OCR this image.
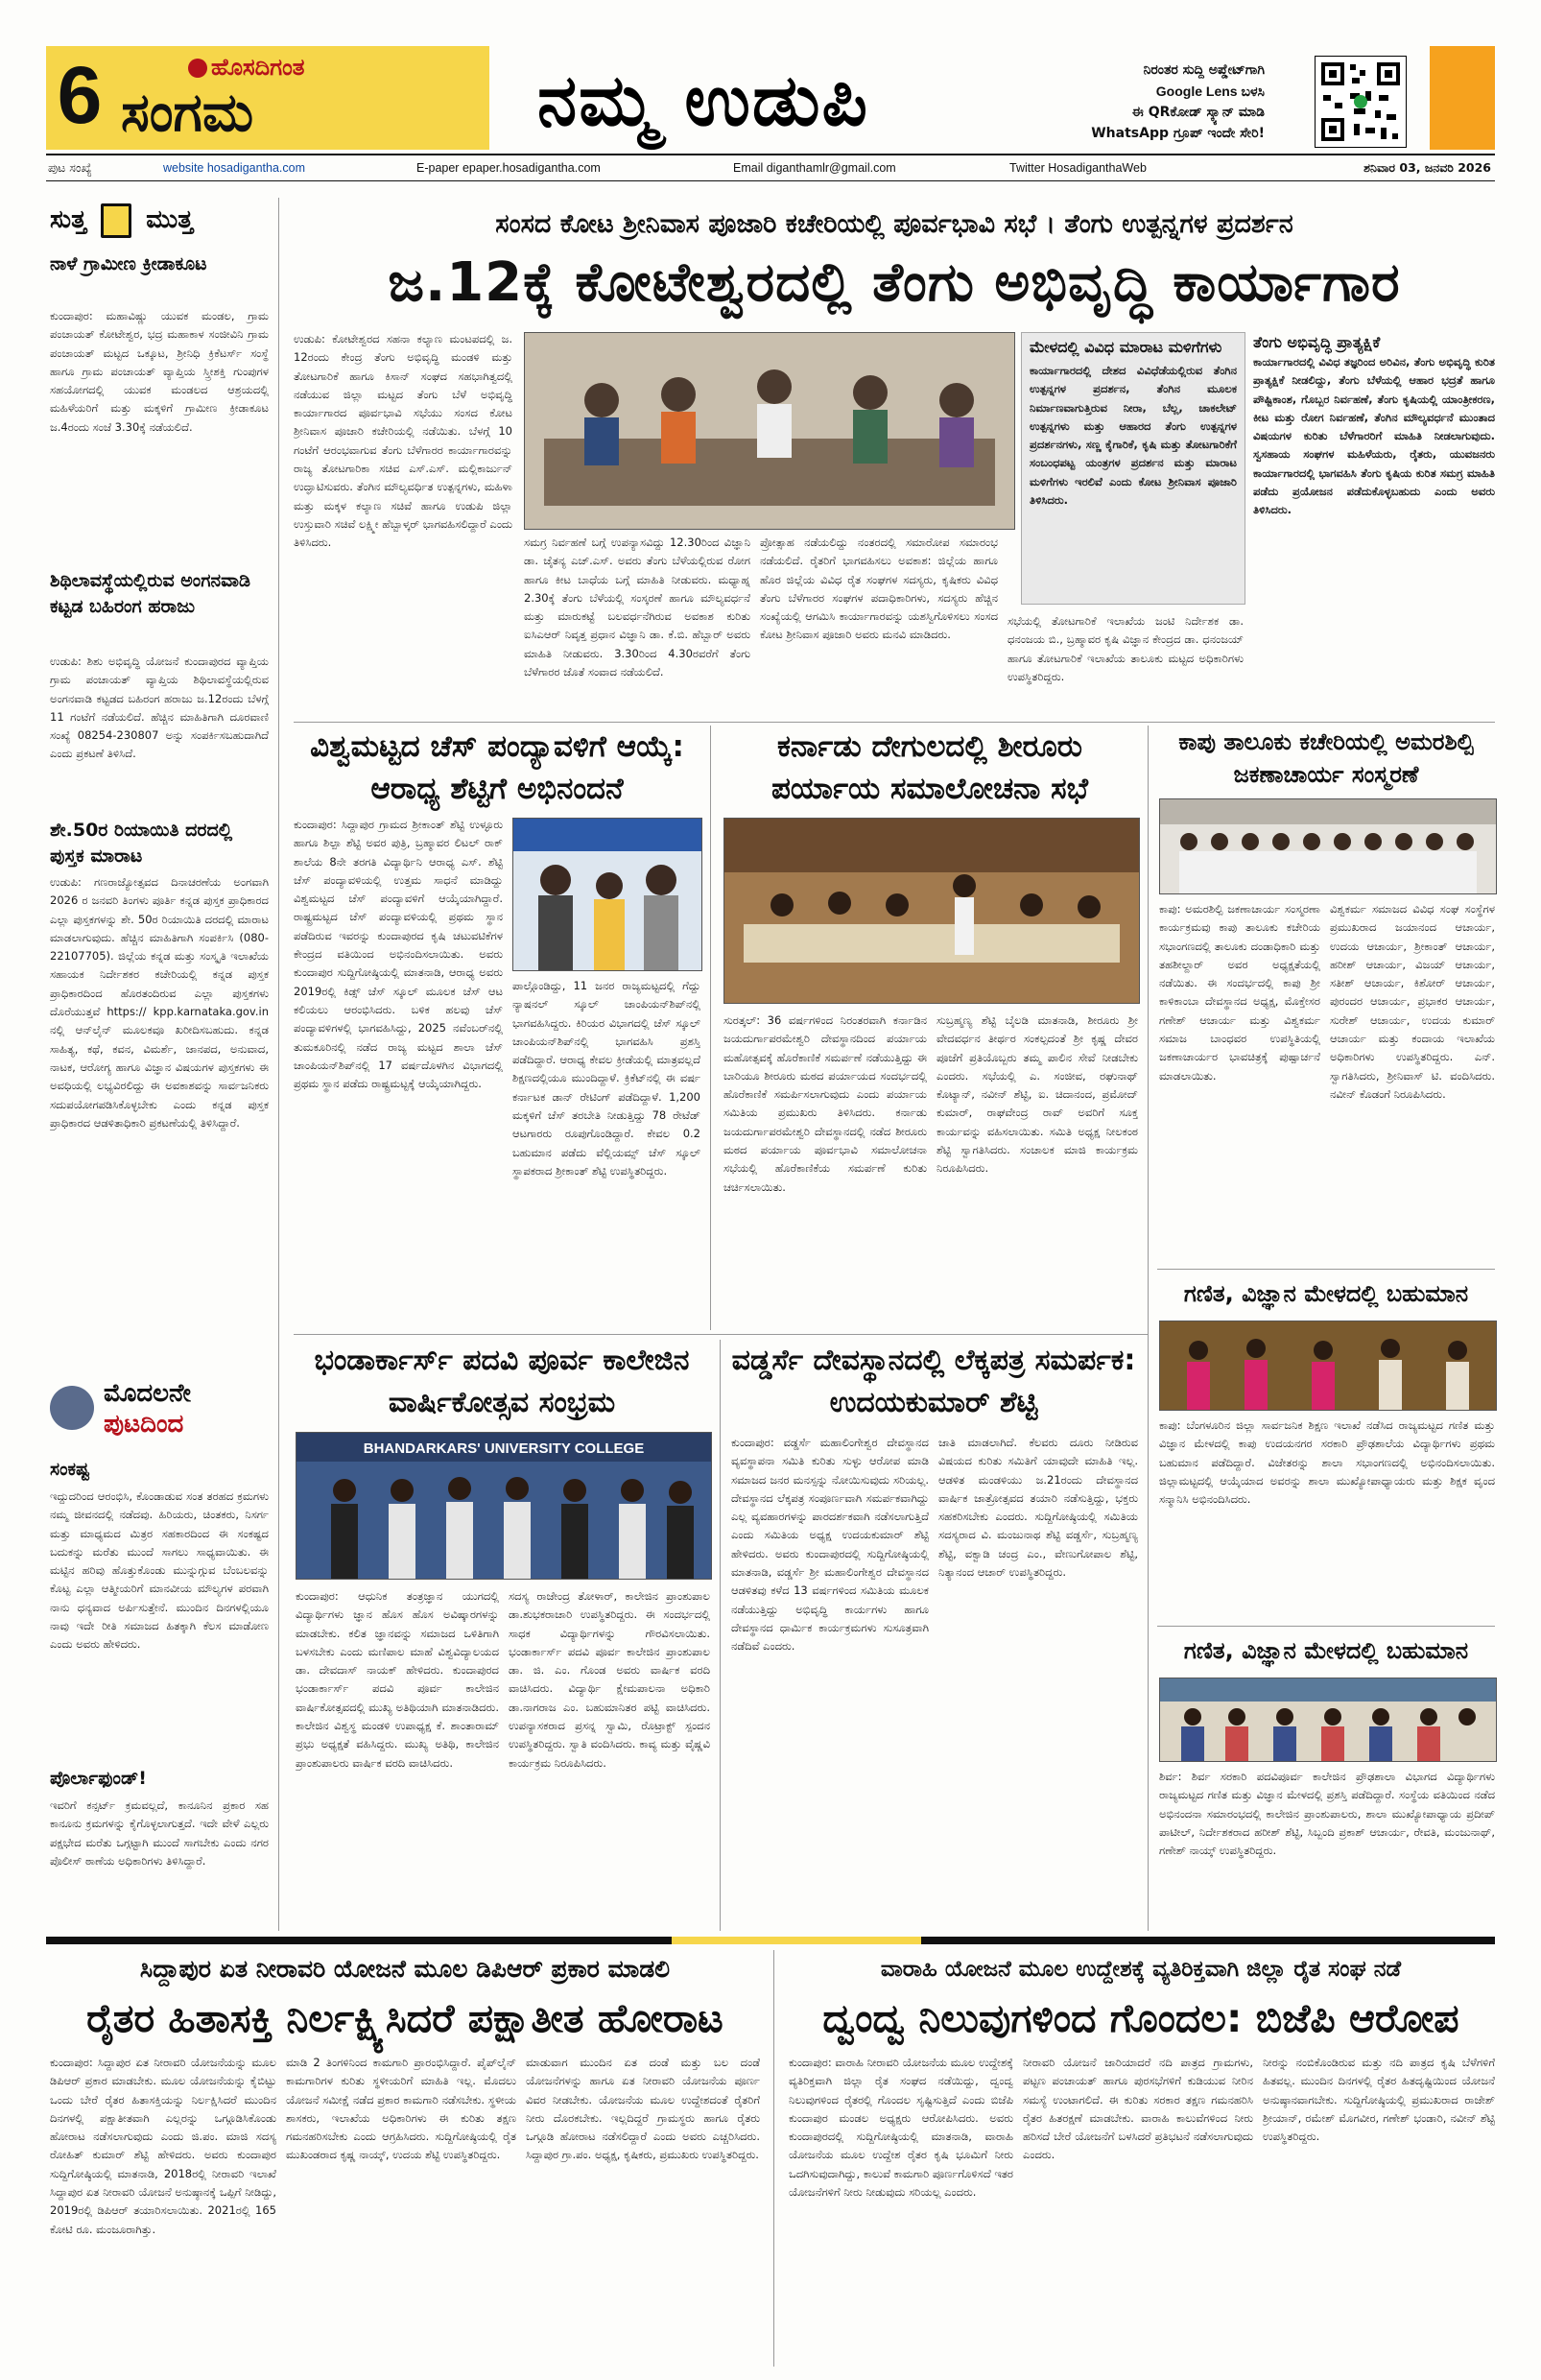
6	ಹೊಸದಿಗಂತ
ಸಂಗಮ	ನಮ್ಮ ಉಡುಪಿ	ನಿರಂತರ ಸುದ್ದಿ ಅಪ್ಡೇಟ್‌ಗಾಗಿ
Google Lens ಬಳಸಿ
ಈ QRಕೋಡ್ ಸ್ಕ್ಯಾನ್ ಮಾಡಿ
WhatsApp ಗ್ರೂಪ್ ಇಂದೇ ಸೇರಿ!
ಪುಟ ಸಂಖ್ಯೆ	website hosadigantha.com	E-paper epaper.hosadigantha.com	Email diganthamlr@gmail.com	Twitter HosadiganthaWeb	ಶನಿವಾರ 03, ಜನವರಿ 2026
ಸುತ್ತ ಮುತ್ತ
ನಾಳೆ ಗ್ರಾಮೀಣ ಕ್ರೀಡಾಕೂಟ
ಕುಂದಾಪುರ: ಮಹಾವಿಷ್ಣು ಯುವಕ ಮಂಡಲ, ಗ್ರಾಮ ಪಂಚಾಯತ್ ಕೋಟೇಶ್ವರ, ಭದ್ರ ಮಹಾಕಾಳ ಸಂಜೀವಿನಿ ಗ್ರಾಮ ಪಂಚಾಯತ್ ಮಟ್ಟದ ಒಕ್ಕೂಟ, ಶ್ರೀನಿಧಿ ಕ್ರಿಕೆಟರ್ಸ್ ಸಂಸ್ಥೆ ಹಾಗೂ ಗ್ರಾಮ ಪಂಚಾಯತ್ ವ್ಯಾಪ್ತಿಯ ಸ್ತ್ರೀಶಕ್ತಿ ಗುಂಪುಗಳ ಸಹಯೋಗದಲ್ಲಿ ಯುವಕ ಮಂಡಲದ ಆಶ್ರಯದಲ್ಲಿ ಮಹಿಳೆಯರಿಗೆ ಮತ್ತು ಮಕ್ಕಳಿಗೆ ಗ್ರಾಮೀಣ ಕ್ರೀಡಾಕೂಟ ಜ.4ರಂದು ಸಂಜೆ 3.30ಕ್ಕೆ ನಡೆಯಲಿದೆ.
ಶಿಥಿಲಾವಸ್ಥೆಯಲ್ಲಿರುವ ಅಂಗನವಾಡಿ ಕಟ್ಟಡ ಬಹಿರಂಗ ಹರಾಜು
ಉಡುಪಿ: ಶಿಶು ಅಭಿವೃದ್ಧಿ ಯೋಜನೆ ಕುಂದಾಪುರದ ವ್ಯಾಪ್ತಿಯ ಗ್ರಾಮ ಪಂಚಾಯತ್ ವ್ಯಾಪ್ತಿಯ ಶಿಥಿಲಾವಸ್ಥೆಯಲ್ಲಿರುವ ಅಂಗನವಾಡಿ ಕಟ್ಟಡದ ಬಹಿರಂಗ ಹರಾಜು ಜ.12ರಂದು ಬೆಳಗ್ಗೆ 11 ಗಂಟೆಗೆ ನಡೆಯಲಿದೆ. ಹೆಚ್ಚಿನ ಮಾಹಿತಿಗಾಗಿ ದೂರವಾಣಿ ಸಂಖ್ಯೆ 08254-230807 ಅನ್ನು ಸಂಪರ್ಕಿಸಬಹುದಾಗಿದೆ ಎಂದು ಪ್ರಕಟಣೆ ತಿಳಿಸಿದೆ.
ಶೇ.50ರ ರಿಯಾಯಿತಿ ದರದಲ್ಲಿ ಪುಸ್ತಕ ಮಾರಾಟ
ಉಡುಪಿ: ಗಣರಾಜ್ಯೋತ್ಸವದ ದಿನಾಚರಣೆಯ ಅಂಗವಾಗಿ 2026 ರ ಜನವರಿ ತಿಂಗಳು ಪೂರ್ತಿ ಕನ್ನಡ ಪುಸ್ತಕ ಪ್ರಾಧಿಕಾರದ ಎಲ್ಲಾ ಪುಸ್ತಕಗಳನ್ನು ಶೇ. 50ರ ರಿಯಾಯಿತಿ ದರದಲ್ಲಿ ಮಾರಾಟ ಮಾಡಲಾಗುವುದು. ಹೆಚ್ಚಿನ ಮಾಹಿತಿಗಾಗಿ ಸಂಪರ್ಕಿಸಿ (080-22107705). ಜಿಲ್ಲೆಯ ಕನ್ನಡ ಮತ್ತು ಸಂಸ್ಕೃತಿ ಇಲಾಖೆಯ ಸಹಾಯಕ ನಿರ್ದೇಶಕರ ಕಚೇರಿಯಲ್ಲಿ ಕನ್ನಡ ಪುಸ್ತಕ ಪ್ರಾಧಿಕಾರದಿಂದ ಹೊರತಂದಿರುವ ಎಲ್ಲಾ ಪುಸ್ತಕಗಳು ದೊರೆಯುತ್ತವೆ https:// kpp.karnataka.gov.in ನಲ್ಲಿ ಆನ್‌ಲೈನ್ ಮೂಲಕವೂ ಖರೀದಿಸಬಹುದು. ಕನ್ನಡ ಸಾಹಿತ್ಯ, ಕಥೆ, ಕವನ, ವಿಮರ್ಶೆ, ಜಾನಪದ, ಅನುವಾದ, ನಾಟಕ, ಆರೋಗ್ಯ ಹಾಗೂ ವಿಜ್ಞಾನ ವಿಷಯಗಳ ಪುಸ್ತಕಗಳು ಈ ಅವಧಿಯಲ್ಲಿ ಲಭ್ಯವಿರಲಿದ್ದು ಈ ಅವಕಾಶವನ್ನು ಸಾರ್ವಜನಿಕರು ಸದುಪಯೋಗಪಡಿಸಿಕೊಳ್ಳಬೇಕು ಎಂದು ಕನ್ನಡ ಪುಸ್ತಕ ಪ್ರಾಧಿಕಾರದ ಆಡಳಿತಾಧಿಕಾರಿ ಪ್ರಕಟಣೆಯಲ್ಲಿ ತಿಳಿಸಿದ್ದಾರೆ.
ಮೊದಲನೇ
ಪುಟದಿಂದ
ಸಂಕಷ್ಟ
ಇದ್ದುದರಿಂದ ಆರಂಭಿಸಿ, ಕೊಂಡಾಡುವ ಸಂತ ತರಹದ ಕ್ರಮಗಳು ನಮ್ಮ ಜೀವನದಲ್ಲಿ ನಡೆದವು. ಹಿರಿಯರು, ಚಿಂತಕರು, ನಿಸರ್ಗ ಮತ್ತು ಮಾಧ್ಯಮದ ಮಿತ್ರರ ಸಹಕಾರದಿಂದ ಈ ಸಂಕಷ್ಟದ ಬದುಕನ್ನು ಮರೆತು ಮುಂದೆ ಸಾಗಲು ಸಾಧ್ಯವಾಯಿತು. ಈ ಮಟ್ಟಿನ ಹರಿವು ಹೊತ್ತುಕೊಂಡು ಮುನ್ನುಗ್ಗುವ ಬೆಂಬಲವನ್ನು ಕೊಟ್ಟ ಎಲ್ಲಾ ಆತ್ಮೀಯರಿಗೆ ಮಾನವೀಯ ಮೌಲ್ಯಗಳ ಪರವಾಗಿ ನಾನು ಧನ್ಯವಾದ ಅರ್ಪಿಸುತ್ತೇನೆ. ಮುಂದಿನ ದಿನಗಳಲ್ಲಿಯೂ ನಾವು ಇದೇ ರೀತಿ ಸಮಾಜದ ಹಿತಕ್ಕಾಗಿ ಕೆಲಸ ಮಾಡೋಣ ಎಂದು ಅವರು ಹೇಳಿದರು.
ಪೊರ್ಲಾಫುಂಡ್!
ಇವರಿಗೆ ಕನ್ಸರ್ಟ್ ಕ್ರಮವಲ್ಲದೆ, ಕಾನೂನಿನ ಪ್ರಕಾರ ಸಹ ಕಾನೂನು ಕ್ರಮಗಳನ್ನು ಕೈಗೊಳ್ಳಲಾಗುತ್ತದೆ. ಇದೇ ವೇಳೆ ಎಲ್ಲರು ಪಕ್ಷಭೇದ ಮರೆತು ಒಗ್ಗಟ್ಟಾಗಿ ಮುಂದೆ ಸಾಗಬೇಕು ಎಂದು ನಗರ ಪೊಲೀಸ್ ಠಾಣೆಯ ಅಧಿಕಾರಿಗಳು ತಿಳಿಸಿದ್ದಾರೆ.
ಸಂಸದ ಕೋಟ ಶ್ರೀನಿವಾಸ ಪೂಜಾರಿ ಕಚೇರಿಯಲ್ಲಿ ಪೂರ್ವಭಾವಿ ಸಭೆ । ತೆಂಗು ಉತ್ಪನ್ನಗಳ ಪ್ರದರ್ಶನ
ಜ.12ಕ್ಕೆ ಕೋಟೇಶ್ವರದಲ್ಲಿ ತೆಂಗು ಅಭಿವೃದ್ಧಿ ಕಾರ್ಯಾಗಾರ
ಉಡುಪಿ: ಕೋಟೇಶ್ವರದ ಸಹನಾ ಕಲ್ಯಾಣ ಮಂಟಪದಲ್ಲಿ ಜ. 12ರಂದು ಕೇಂದ್ರ ತೆಂಗು ಅಭಿವೃದ್ಧಿ ಮಂಡಳಿ ಮತ್ತು ತೋಟಗಾರಿಕೆ ಹಾಗೂ ಕಿಸಾನ್ ಸಂಘದ ಸಹಭಾಗಿತ್ವದಲ್ಲಿ ನಡೆಯುವ ಜಿಲ್ಲಾ ಮಟ್ಟದ ತೆಂಗು ಬೆಳೆ ಅಭಿವೃದ್ಧಿ ಕಾರ್ಯಾಗಾರದ ಪೂರ್ವಭಾವಿ ಸಭೆಯು ಸಂಸದ ಕೋಟ ಶ್ರೀನಿವಾಸ ಪೂಜಾರಿ ಕಚೇರಿಯಲ್ಲಿ ನಡೆಯಿತು. ಬೆಳಗ್ಗೆ 10 ಗಂಟೆಗೆ ಆರಂಭವಾಗುವ ತೆಂಗು ಬೆಳೆಗಾರರ ಕಾರ್ಯಾಗಾರವನ್ನು ರಾಜ್ಯ ತೋಟಗಾರಿಕಾ ಸಚಿವ ಎಸ್.ಎಸ್. ಮಲ್ಲಿಕಾರ್ಜುನ್ ಉದ್ಘಾಟಿಸುವರು. ತೆಂಗಿನ ಮೌಲ್ಯವರ್ಧಿತ ಉತ್ಪನ್ನಗಳು, ಮಹಿಳಾ ಮತ್ತು ಮಕ್ಕಳ ಕಲ್ಯಾಣ ಸಚಿವೆ ಹಾಗೂ ಉಡುಪಿ ಜಿಲ್ಲಾ ಉಸ್ತುವಾರಿ ಸಚಿವೆ ಲಕ್ಷ್ಮೀ ಹೆಬ್ಬಾಳ್ಕರ್ ಭಾಗವಹಿಸಲಿದ್ದಾರೆ ಎಂದು ತಿಳಿಸಿದರು.	ಸಮಗ್ರ ನಿರ್ವಹಣೆ ಬಗ್ಗೆ ಉಪನ್ಯಾಸವಿದ್ದು 12.30ರಿಂದ ವಿಜ್ಞಾನಿ ಡಾ. ಚೈತನ್ಯ ಎಚ್.ಎಸ್. ಅವರು ತೆಂಗು ಬೆಳೆಯಲ್ಲಿರುವ ರೋಗ ಹಾಗೂ ಕೀಟ ಬಾಧೆಯ ಬಗ್ಗೆ ಮಾಹಿತಿ ನೀಡುವರು. ಮಧ್ಯಾಹ್ನ 2.30ಕ್ಕೆ ತೆಂಗು ಬೆಳೆಯಲ್ಲಿ ಸಂಸ್ಕರಣೆ ಹಾಗೂ ಮೌಲ್ಯವರ್ಧನೆ ಮತ್ತು ಮಾರುಕಟ್ಟೆ ಬಲವರ್ಧನೆಗಿರುವ ಅವಕಾಶ ಕುರಿತು ಐಸಿಎಆರ್ ನಿವೃತ್ತ ಪ್ರಧಾನ ವಿಜ್ಞಾನಿ ಡಾ. ಕೆ.ಬಿ. ಹೆಬ್ಬಾರ್ ಅವರು ಮಾಹಿತಿ ನೀಡುವರು. 3.30ರಿಂದ 4.30ರವರೆಗೆ ತೆಂಗು ಬೆಳೆಗಾರರ ಜೊತೆ ಸಂವಾದ ನಡೆಯಲಿದೆ.
ಪ್ರೋತ್ಸಾಹ ನಡೆಯಲಿದ್ದು ನಂತರದಲ್ಲಿ ಸಮಾರೋಪ ಸಮಾರಂಭ ನಡೆಯಲಿದೆ. ರೈತರಿಗೆ ಭಾಗವಹಿಸಲು ಅವಕಾಶ: ಜಿಲ್ಲೆಯ ಹಾಗೂ ಹೊರ ಜಿಲ್ಲೆಯ ವಿವಿಧ ರೈತ ಸಂಘಗಳ ಸದಸ್ಯರು, ಕೃಷಿಕರು ವಿವಿಧ ತೆಂಗು ಬೆಳೆಗಾರರ ಸಂಘಗಳ ಪದಾಧಿಕಾರಿಗಳು, ಸದಸ್ಯರು ಹೆಚ್ಚಿನ ಸಂಖ್ಯೆಯಲ್ಲಿ ಆಗಮಿಸಿ ಕಾರ್ಯಾಗಾರವನ್ನು ಯಶಸ್ವಿಗೊಳಿಸಲು ಸಂಸದ ಕೋಟ ಶ್ರೀನಿವಾಸ ಪೂಜಾರಿ ಅವರು ಮನವಿ ಮಾಡಿದರು.
ಸಭೆಯಲ್ಲಿ ತೋಟಗಾರಿಕೆ ಇಲಾಖೆಯ ಜಂಟಿ ನಿರ್ದೇಶಕ ಡಾ. ಧನಂಜಯ ಬಿ., ಬ್ರಹ್ಮಾವರ ಕೃಷಿ ವಿಜ್ಞಾನ ಕೇಂದ್ರದ ಡಾ. ಧನಂಜಯ್ ಹಾಗೂ ತೋಟಗಾರಿಕೆ ಇಲಾಖೆಯ ತಾಲೂಕು ಮಟ್ಟದ ಅಧಿಕಾರಿಗಳು ಉಪಸ್ಥಿತರಿದ್ದರು.
ಮೇಳದಲ್ಲಿ ವಿವಿಧ ಮಾರಾಟ ಮಳಿಗೆಗಳು
ಕಾರ್ಯಾಗಾರದಲ್ಲಿ ದೇಶದ ವಿವಿಧೆಡೆಯಲ್ಲಿರುವ ತೆಂಗಿನ ಉತ್ಪನ್ನಗಳ ಪ್ರದರ್ಶನ, ತೆಂಗಿನ ಮೂಲಕ ನಿರ್ಮಾಣವಾಗುತ್ತಿರುವ ನೀರಾ, ಬೆಲ್ಲ, ಚಾಕಲೇಟ್ ಉತ್ಪನ್ನಗಳು ಮತ್ತು ಆಹಾರದ ತೆಂಗು ಉತ್ಪನ್ನಗಳ ಪ್ರದರ್ಶನಗಳು, ಸಣ್ಣ ಕೈಗಾರಿಕೆ, ಕೃಷಿ ಮತ್ತು ತೋಟಗಾರಿಕೆಗೆ ಸಂಬಂಧಪಟ್ಟ ಯಂತ್ರಗಳ ಪ್ರದರ್ಶನ ಮತ್ತು ಮಾರಾಟ ಮಳಿಗೆಗಳು ಇರಲಿವೆ ಎಂದು ಕೋಟ ಶ್ರೀನಿವಾಸ ಪೂಜಾರಿ ತಿಳಿಸಿದರು.
ತೆಂಗು ಅಭಿವೃದ್ಧಿ ಪ್ರಾತ್ಯಕ್ಷಿಕೆ
ಕಾರ್ಯಾಗಾರದಲ್ಲಿ ವಿವಿಧ ತಜ್ಞರಿಂದ ಅರಿವಿನ, ತೆಂಗು ಅಭಿವೃದ್ಧಿ ಕುರಿತ ಪ್ರಾತ್ಯಕ್ಷಿಕೆ ನೀಡಲಿದ್ದು, ತೆಂಗು ಬೆಳೆಯಲ್ಲಿ ಆಹಾರ ಭದ್ರತೆ ಹಾಗೂ ಪೌಷ್ಟಿಕಾಂಶ, ಗೊಬ್ಬರ ನಿರ್ವಹಣೆ, ತೆಂಗು ಕೃಷಿಯಲ್ಲಿ ಯಾಂತ್ರೀಕರಣ, ಕೀಟ ಮತ್ತು ರೋಗ ನಿರ್ವಹಣೆ, ತೆಂಗಿನ ಮೌಲ್ಯವರ್ಧನೆ ಮುಂತಾದ ವಿಷಯಗಳ ಕುರಿತು ಬೆಳೆಗಾರರಿಗೆ ಮಾಹಿತಿ ನೀಡಲಾಗುವುದು. ಸ್ವಸಹಾಯ ಸಂಘಗಳ ಮಹಿಳೆಯರು, ರೈತರು, ಯುವಜನರು ಕಾರ್ಯಾಗಾರದಲ್ಲಿ ಭಾಗವಹಿಸಿ ತೆಂಗು ಕೃಷಿಯ ಕುರಿತ ಸಮಗ್ರ ಮಾಹಿತಿ ಪಡೆದು ಪ್ರಯೋಜನ ಪಡೆದುಕೊಳ್ಳಬಹುದು ಎಂದು ಅವರು ತಿಳಿಸಿದರು.
ವಿಶ್ವಮಟ್ಟದ ಚೆಸ್ ಪಂದ್ಯಾವಳಿಗೆ ಆಯ್ಕೆ: ಆರಾಧ್ಯ ಶೆಟ್ಟಿಗೆ ಅಭಿನಂದನೆ
ಕುಂದಾಪುರ: ಸಿದ್ದಾಪುರ ಗ್ರಾಮದ ಶ್ರೀಕಾಂತ್ ಶೆಟ್ಟಿ ಉಳ್ಳೂರು ಹಾಗೂ ಶಿಲ್ಪಾ ಶೆಟ್ಟಿ ಅವರ ಪುತ್ರಿ, ಬ್ರಹ್ಮಾವರ ಲಿಟಲ್ ರಾಕ್ ಶಾಲೆಯ 8ನೇ ತರಗತಿ ವಿದ್ಯಾರ್ಥಿನಿ ಆರಾಧ್ಯ ಎಸ್. ಶೆಟ್ಟಿ ಚೆಸ್ ಪಂದ್ಯಾವಳಿಯಲ್ಲಿ ಉತ್ತಮ ಸಾಧನೆ ಮಾಡಿದ್ದು ವಿಶ್ವಮಟ್ಟದ ಚೆಸ್ ಪಂದ್ಯಾವಳಿಗೆ ಆಯ್ಕೆಯಾಗಿದ್ದಾರೆ. ರಾಷ್ಟ್ರಮಟ್ಟದ ಚೆಸ್ ಪಂದ್ಯಾವಳಿಯಲ್ಲಿ ಪ್ರಥಮ ಸ್ಥಾನ ಪಡೆದಿರುವ ಇವರನ್ನು ಕುಂದಾಪುರದ ಕೃಷಿ ಚಟುವಟಿಕೆಗಳ ಕೇಂದ್ರದ ವತಿಯಿಂದ ಅಭಿನಂದಿಸಲಾಯಿತು. ಅವರು ಕುಂದಾಪುರ ಸುದ್ದಿಗೋಷ್ಠಿಯಲ್ಲಿ ಮಾತನಾಡಿ, ಆರಾಧ್ಯ ಅವರು 2019ರಲ್ಲಿ ಕಿಡ್ಸ್ ಚೆಸ್ ಸ್ಕೂಲ್ ಮೂಲಕ ಚೆಸ್ ಆಟ ಕಲಿಯಲು ಆರಂಭಿಸಿದರು. ಬಳಿಕ ಹಲವು ಚೆಸ್ ಪಂದ್ಯಾವಳಿಗಳಲ್ಲಿ ಭಾಗವಹಿಸಿದ್ದು, 2025 ನವೆಂಬರ್‌ನಲ್ಲಿ ತುಮಕೂರಿನಲ್ಲಿ ನಡೆದ ರಾಜ್ಯ ಮಟ್ಟದ ಶಾಲಾ ಚೆಸ್ ಚಾಂಪಿಯನ್‌ಶಿಪ್‌ನಲ್ಲಿ 17 ವರ್ಷದೊಳಗಿನ ವಿಭಾಗದಲ್ಲಿ ಪ್ರಥಮ ಸ್ಥಾನ ಪಡೆದು ರಾಷ್ಟ್ರಮಟ್ಟಕ್ಕೆ ಆಯ್ಕೆಯಾಗಿದ್ದರು.
ಪಾಲ್ಗೊಂಡಿದ್ದು, 11 ಜನರ ರಾಜ್ಯಮಟ್ಟದಲ್ಲಿ ಗೆದ್ದು ನ್ಯಾಷನಲ್ ಸ್ಕೂಲ್ ಚಾಂಪಿಯನ್‌ಶಿಪ್‌ನಲ್ಲಿ ಭಾಗವಹಿಸಿದ್ದರು. ಕಿರಿಯರ ವಿಭಾಗದಲ್ಲಿ ಚೆಸ್ ಸ್ಕೂಲ್ ಚಾಂಪಿಯನ್‌ಶಿಪ್‌ನಲ್ಲಿ ಭಾಗವಹಿಸಿ ಪ್ರಶಸ್ತಿ ಪಡೆದಿದ್ದಾರೆ. ಆರಾಧ್ಯ ಕೇವಲ ಕ್ರೀಡೆಯಲ್ಲಿ ಮಾತ್ರವಲ್ಲದೆ ಶಿಕ್ಷಣದಲ್ಲಿಯೂ ಮುಂದಿದ್ದಾಳೆ. ಕ್ರಿಕೆಟ್‌ನಲ್ಲಿ ಈ ವರ್ಷ ಕರ್ನಾಟಕ ಡಾನ್ ರೇಟಿಂಗ್ ಪಡೆದಿದ್ದಾಳೆ. 1,200 ಮಕ್ಕಳಿಗೆ ಚೆಸ್ ತರಬೇತಿ ನೀಡುತ್ತಿದ್ದು 78 ರೇಟೆಡ್ ಆಟಗಾರರು ರೂಪುಗೊಂಡಿದ್ದಾರೆ. ಕೇವಲ 0.2 ಬಹುಮಾನ ಪಡೆದು ವೆಲ್ಲಿಯಮ್ಸ್ ಚೆಸ್ ಸ್ಕೂಲ್ ಸ್ಥಾಪಕರಾದ ಶ್ರೀಕಾಂತ್ ಶೆಟ್ಟಿ ಉಪಸ್ಥಿತರಿದ್ದರು.
ಕರ್ನಾಡು ದೇಗುಲದಲ್ಲಿ ಶೀರೂರು ಪರ್ಯಾಯ ಸಮಾಲೋಚನಾ ಸಭೆ
ಸುರತ್ಕಲ್: 36 ವರ್ಷಗಳಿಂದ ನಿರಂತರವಾಗಿ ಕರ್ನಾಡಿನ ಜಯದುರ್ಗಾಪರಮೇಶ್ವರಿ ದೇವಸ್ಥಾನದಿಂದ ಪರ್ಯಾಯ ಮಹೋತ್ಸವಕ್ಕೆ ಹೊರೆಕಾಣಿಕೆ ಸಮರ್ಪಣೆ ನಡೆಯುತ್ತಿದ್ದು ಈ ಬಾರಿಯೂ ಶೀರೂರು ಮಠದ ಪರ್ಯಾಯದ ಸಂದರ್ಭದಲ್ಲಿ ಹೊರೆಕಾಣಿಕೆ ಸಮರ್ಪಿಸಲಾಗುವುದು ಎಂದು ಪರ್ಯಾಯ ಸಮಿತಿಯ ಪ್ರಮುಖರು ತಿಳಿಸಿದರು. ಕರ್ನಾಡು ಜಯದುರ್ಗಾಪರಮೇಶ್ವರಿ ದೇವಸ್ಥಾನದಲ್ಲಿ ನಡೆದ ಶೀರೂರು ಮಠದ ಪರ್ಯಾಯ ಪೂರ್ವಭಾವಿ ಸಮಾಲೋಚನಾ ಸಭೆಯಲ್ಲಿ ಹೊರೆಕಾಣಿಕೆಯ ಸಮರ್ಪಣೆ ಕುರಿತು ಚರ್ಚಿಸಲಾಯಿತು.
ಸುಬ್ರಹ್ಮಣ್ಯ ಶೆಟ್ಟಿ ಬೈಲಡಿ ಮಾತನಾಡಿ, ಶೀರೂರು ಶ್ರೀ ವೇದವರ್ಧನ ತೀರ್ಥರ ಸಂಕಲ್ಪದಂತೆ ಶ್ರೀ ಕೃಷ್ಣ ದೇವರ ಪೂಜೆಗೆ ಪ್ರತಿಯೊಬ್ಬರು ತಮ್ಮ ಪಾಲಿನ ಸೇವೆ ನೀಡಬೇಕು ಎಂದರು. ಸಭೆಯಲ್ಲಿ ಎ. ಸಂಜೀವ, ರಘುನಾಥ್ ಕೊಟ್ಯಾನ್, ನವೀನ್ ಶೆಟ್ಟಿ, ಐ. ಚಿದಾನಂದ, ಪ್ರಮೋದ್ ಕುಮಾರ್, ರಾಘವೇಂದ್ರ ರಾವ್ ಅವರಿಗೆ ಸೂಕ್ತ ಕಾರ್ಯವನ್ನು ವಹಿಸಲಾಯಿತು. ಸಮಿತಿ ಅಧ್ಯಕ್ಷ ನೀಲಕಂಠ ಶೆಟ್ಟಿ ಸ್ವಾಗತಿಸಿದರು. ಸಂಚಾಲಕ ಮಾಜಿ ಕಾರ್ಯಕ್ರಮ ನಿರೂಪಿಸಿದರು.
ಕಾಪು ತಾಲೂಕು ಕಚೇರಿಯಲ್ಲಿ ಅಮರಶಿಲ್ಪಿ ಜಕಣಾಚಾರ್ಯ ಸಂಸ್ಮರಣೆ
ಕಾಪು: ಅಮರಶಿಲ್ಪಿ ಜಕಣಾಚಾರ್ಯ ಸಂಸ್ಮರಣಾ ಕಾರ್ಯಕ್ರಮವು ಕಾಪು ತಾಲೂಕು ಕಚೇರಿಯ ಸಭಾಂಗಣದಲ್ಲಿ ತಾಲೂಕು ದಂಡಾಧಿಕಾರಿ ಮತ್ತು ತಹಶೀಲ್ದಾರ್ ಅವರ ಅಧ್ಯಕ್ಷತೆಯಲ್ಲಿ ನಡೆಯಿತು. ಈ ಸಂದರ್ಭದಲ್ಲಿ ಕಾಪು ಶ್ರೀ ಕಾಳಿಕಾಂಬಾ ದೇವಸ್ಥಾನದ ಅಧ್ಯಕ್ಷ, ಮೊಕ್ತೇಸರ ಗಣೇಶ್ ಆಚಾರ್ಯ ಮತ್ತು ವಿಶ್ವಕರ್ಮ ಸಮಾಜ ಬಾಂಧವರ ಉಪಸ್ಥಿತಿಯಲ್ಲಿ ಜಕಣಾಚಾರ್ಯರ ಭಾವಚಿತ್ರಕ್ಕೆ ಪುಷ್ಪಾರ್ಚನೆ ಮಾಡಲಾಯಿತು.
ವಿಶ್ವಕರ್ಮ ಸಮಾಜದ ವಿವಿಧ ಸಂಘ ಸಂಸ್ಥೆಗಳ ಪ್ರಮುಖರಾದ ಜಯಾನಂದ ಆಚಾರ್ಯ, ಉದಯ ಆಚಾರ್ಯ, ಶ್ರೀಕಾಂತ್ ಆಚಾರ್ಯ, ಹರೀಶ್ ಆಚಾರ್ಯ, ವಿಜಯ್ ಆಚಾರ್ಯ, ಸತೀಶ್ ಆಚಾರ್ಯ, ಕಿಶೋರ್ ಆಚಾರ್ಯ, ಪುರಂದರ ಆಚಾರ್ಯ, ಪ್ರಭಾಕರ ಆಚಾರ್ಯ, ಸುರೇಶ್ ಆಚಾರ್ಯ, ಉದಯ ಕುಮಾರ್ ಆಚಾರ್ಯ ಮತ್ತು ಕಂದಾಯ ಇಲಾಖೆಯ ಅಧಿಕಾರಿಗಳು ಉಪಸ್ಥಿತರಿದ್ದರು. ಎನ್. ಸ್ವಾಗತಿಸಿದರು, ಶ್ರೀನಿವಾಸ್ ಟಿ. ವಂದಿಸಿದರು. ನವೀನ್ ಕೊಡಂಗೆ ನಿರೂಪಿಸಿದರು.
ಗಣಿತ, ವಿಜ್ಞಾನ ಮೇಳದಲ್ಲಿ ಬಹುಮಾನ
ಕಾಪು: ಬೆಂಗಳೂರಿನ ಜಿಲ್ಲಾ ಸಾರ್ವಜನಿಕ ಶಿಕ್ಷಣ ಇಲಾಖೆ ನಡೆಸಿದ ರಾಜ್ಯಮಟ್ಟದ ಗಣಿತ ಮತ್ತು ವಿಜ್ಞಾನ ಮೇಳದಲ್ಲಿ ಕಾಪು ಉದಯನಗರ ಸರಕಾರಿ ಪ್ರೌಢಶಾಲೆಯ ವಿದ್ಯಾರ್ಥಿಗಳು ಪ್ರಥಮ ಬಹುಮಾನ ಪಡೆದಿದ್ದಾರೆ. ವಿಜೇತರನ್ನು ಶಾಲಾ ಸಭಾಂಗಣದಲ್ಲಿ ಅಭಿನಂದಿಸಲಾಯಿತು. ಜಿಲ್ಲಾಮಟ್ಟದಲ್ಲಿ ಆಯ್ಕೆಯಾದ ಅವರನ್ನು ಶಾಲಾ ಮುಖ್ಯೋಪಾಧ್ಯಾಯರು ಮತ್ತು ಶಿಕ್ಷಕ ವೃಂದ ಸನ್ಮಾನಿಸಿ ಅಭಿನಂದಿಸಿದರು.
ಗಣಿತ, ವಿಜ್ಞಾನ ಮೇಳದಲ್ಲಿ ಬಹುಮಾನ
ಶಿರ್ವ: ಶಿರ್ವ ಸರಕಾರಿ ಪದವಿಪೂರ್ವ ಕಾಲೇಜಿನ ಪ್ರೌಢಶಾಲಾ ವಿಭಾಗದ ವಿದ್ಯಾರ್ಥಿಗಳು ರಾಜ್ಯಮಟ್ಟದ ಗಣಿತ ಮತ್ತು ವಿಜ್ಞಾನ ಮೇಳದಲ್ಲಿ ಪ್ರಶಸ್ತಿ ಪಡೆದಿದ್ದಾರೆ. ಸಂಸ್ಥೆಯ ವತಿಯಿಂದ ನಡೆದ ಅಭಿನಂದನಾ ಸಮಾರಂಭದಲ್ಲಿ ಕಾಲೇಜಿನ ಪ್ರಾಂಶುಪಾಲರು, ಶಾಲಾ ಮುಖ್ಯೋಪಾಧ್ಯಾಯ ಪ್ರದೀಪ್ ಪಾಟೀಲ್, ನಿರ್ದೇಶಕರಾದ ಹರೀಶ್ ಶೆಟ್ಟಿ, ಸಿಬ್ಬಂದಿ ಪ್ರಕಾಶ್ ಆಚಾರ್ಯ, ರೇವತಿ, ಮಂಜುನಾಥ್, ಗಣೇಶ್ ನಾಯ್ಕ್ ಉಪಸ್ಥಿತರಿದ್ದರು.
ಭಂಡಾರ್ಕಾರ್ಸ್ ಪದವಿ ಪೂರ್ವ ಕಾಲೇಜಿನ ವಾರ್ಷಿಕೋತ್ಸವ ಸಂಭ್ರಮ
BHANDARKARS' UNIVERSITY COLLEGE
ಕುಂದಾಪುರ: ಆಧುನಿಕ ತಂತ್ರಜ್ಞಾನ ಯುಗದಲ್ಲಿ ವಿದ್ಯಾರ್ಥಿಗಳು ಜ್ಞಾನ ಹೊಸ ಹೊಸ ಅವಿಷ್ಕಾರಗಳನ್ನು ಮಾಡಬೇಕು. ಕಲಿತ ಜ್ಞಾನವನ್ನು ಸಮಾಜದ ಒಳಿತಿಗಾಗಿ ಬಳಸಬೇಕು ಎಂದು ಮಣಿಪಾಲ ಮಾಹೆ ವಿಶ್ವವಿದ್ಯಾಲಯದ ಡಾ. ದೇವದಾಸ್ ನಾಯಕ್ ಹೇಳಿದರು. ಕುಂದಾಪುರದ ಭಂಡಾರ್ಕಾರ್ಸ್ ಪದವಿ ಪೂರ್ವ ಕಾಲೇಜಿನ ವಾರ್ಷಿಕೋತ್ಸವದಲ್ಲಿ ಮುಖ್ಯ ಅತಿಥಿಯಾಗಿ ಮಾತನಾಡಿದರು. ಕಾಲೇಜಿನ ವಿಶ್ವಸ್ಥ ಮಂಡಳಿ ಉಪಾಧ್ಯಕ್ಷ ಕೆ. ಶಾಂತಾರಾಮ್ ಪ್ರಭು ಅಧ್ಯಕ್ಷತೆ ವಹಿಸಿದ್ದರು. ಮುಖ್ಯ ಅತಿಥಿ, ಕಾಲೇಜಿನ ಪ್ರಾಂಶುಪಾಲರು ವಾರ್ಷಿಕ ವರದಿ ವಾಚಿಸಿದರು.
ಸದಸ್ಯ ರಾಜೇಂದ್ರ ತೋಳಾರ್, ಕಾಲೇಜಿನ ಪ್ರಾಂಶುಪಾಲ ಡಾ.ಶುಭಕರಾಚಾರಿ ಉಪಸ್ಥಿತರಿದ್ದರು. ಈ ಸಂದರ್ಭದಲ್ಲಿ ಸಾಧಕ ವಿದ್ಯಾರ್ಥಿಗಳನ್ನು ಗೌರವಿಸಲಾಯಿತು. ಭಂಡಾರ್ಕಾರ್ಸ್ ಪದವಿ ಪೂರ್ವ ಕಾಲೇಜಿನ ಪ್ರಾಂಶುಪಾಲ ಡಾ. ಜಿ. ಎಂ. ಗೊಂಡ ಅವರು ವಾರ್ಷಿಕ ವರದಿ ವಾಚಿಸಿದರು. ವಿದ್ಯಾರ್ಥಿ ಕ್ಷೇಮಪಾಲನಾ ಅಧಿಕಾರಿ ಡಾ.ನಾಗರಾಜ ಎಂ. ಬಹುಮಾನಿತರ ಪಟ್ಟಿ ವಾಚಿಸಿದರು. ಉಪನ್ಯಾಸಕರಾದ ಪ್ರಸನ್ನ ಸ್ವಾಮಿ, ರೊಟ್ರಾಕ್ಟ್ ಸ್ಪಂದನ ಉಪಸ್ಥಿತರಿದ್ದರು. ಸ್ವಾತಿ ವಂದಿಸಿದರು. ಕಾವ್ಯ ಮತ್ತು ವೈಷ್ಣವಿ ಕಾರ್ಯಕ್ರಮ ನಿರೂಪಿಸಿದರು.
ವಡ್ಡರ್ಸೆ ದೇವಸ್ಥಾನದಲ್ಲಿ ಲೆಕ್ಕಪತ್ರ ಸಮರ್ಪಕ: ಉದಯಕುಮಾರ್ ಶೆಟ್ಟಿ
ಕುಂದಾಪುರ: ವಡ್ಡರ್ಸೆ ಮಹಾಲಿಂಗೇಶ್ವರ ದೇವಸ್ಥಾನದ ವ್ಯವಸ್ಥಾಪನಾ ಸಮಿತಿ ಕುರಿತು ಸುಳ್ಳು ಆರೋಪ ಮಾಡಿ ಸಮಾಜದ ಜನರ ಮನಸ್ಸನ್ನು ನೋಯಿಸುವುದು ಸರಿಯಲ್ಲ. ದೇವಸ್ಥಾನದ ಲೆಕ್ಕಪತ್ರ ಸಂಪೂರ್ಣವಾಗಿ ಸಮರ್ಪಕವಾಗಿದ್ದು ಎಲ್ಲ ವ್ಯವಹಾರಗಳನ್ನು ಪಾರದರ್ಶಕವಾಗಿ ನಡೆಸಲಾಗುತ್ತಿದೆ ಎಂದು ಸಮಿತಿಯ ಅಧ್ಯಕ್ಷ ಉದಯಕುಮಾರ್ ಶೆಟ್ಟಿ ಹೇಳಿದರು. ಅವರು ಕುಂದಾಪುರದಲ್ಲಿ ಸುದ್ದಿಗೋಷ್ಠಿಯಲ್ಲಿ ಮಾತನಾಡಿ, ವಡ್ಡರ್ಸೆ ಶ್ರೀ ಮಹಾಲಿಂಗೇಶ್ವರ ದೇವಸ್ಥಾನದ ಆಡಳಿತವು ಕಳೆದ 13 ವರ್ಷಗಳಿಂದ ಸಮಿತಿಯ ಮೂಲಕ ನಡೆಯುತ್ತಿದ್ದು ಅಭಿವೃದ್ಧಿ ಕಾರ್ಯಗಳು ಹಾಗೂ ದೇವಸ್ಥಾನದ ಧಾರ್ಮಿಕ ಕಾರ್ಯಕ್ರಮಗಳು ಸುಸೂತ್ರವಾಗಿ ನಡೆದಿವೆ ಎಂದರು.
ಜಾತಿ ಮಾಡಲಾಗಿದೆ. ಕೆಲವರು ದೂರು ನೀಡಿರುವ ವಿಷಯದ ಕುರಿತು ಸಮಿತಿಗೆ ಯಾವುದೇ ಮಾಹಿತಿ ಇಲ್ಲ. ಆಡಳಿತ ಮಂಡಳಿಯು ಜ.21ರಂದು ದೇವಸ್ಥಾನದ ವಾರ್ಷಿಕ ಜಾತ್ರೋತ್ಸವದ ತಯಾರಿ ನಡೆಸುತ್ತಿದ್ದು, ಭಕ್ತರು ಸಹಕರಿಸಬೇಕು ಎಂದರು. ಸುದ್ದಿಗೋಷ್ಠಿಯಲ್ಲಿ ಸಮಿತಿಯ ಸದಸ್ಯರಾದ ವಿ. ಮಂಜುನಾಥ ಶೆಟ್ಟಿ ವಡ್ಡರ್ಸೆ, ಸುಬ್ರಹ್ಮಣ್ಯ ಶೆಟ್ಟಿ, ವಕ್ವಾಡಿ ಚಂದ್ರ ಎಂ., ವೇಣುಗೋಪಾಲ ಶೆಟ್ಟಿ, ನಿತ್ಯಾನಂದ ಆಚಾರ್ ಉಪಸ್ಥಿತರಿದ್ದರು.
ಸಿದ್ದಾಪುರ ಏತ ನೀರಾವರಿ ಯೋಜನೆ ಮೂಲ ಡಿಪಿಆರ್ ಪ್ರಕಾರ ಮಾಡಲಿ
ರೈತರ ಹಿತಾಸಕ್ತಿ ನಿರ್ಲಕ್ಷ್ಯಿಸಿದರೆ ಪಕ್ಷಾತೀತ ಹೋರಾಟ
ಕುಂದಾಪುರ: ಸಿದ್ದಾಪುರ ಏತ ನೀರಾವರಿ ಯೋಜನೆಯನ್ನು ಮೂಲ ಡಿಪಿಆರ್ ಪ್ರಕಾರ ಮಾಡಬೇಕು. ಮೂಲ ಯೋಜನೆಯನ್ನು ಕೈಬಿಟ್ಟು ಒಂದು ಬೇರೆ ರೈತರ ಹಿತಾಸಕ್ತಿಯನ್ನು ನಿರ್ಲಕ್ಷಿಸಿದರೆ ಮುಂದಿನ ದಿನಗಳಲ್ಲಿ ಪಕ್ಷಾತೀತವಾಗಿ ಎಲ್ಲರನ್ನು ಒಗ್ಗೂಡಿಸಿಕೊಂಡು ಹೋರಾಟ ನಡೆಸಲಾಗುವುದು ಎಂದು ಜಿ.ಪಂ. ಮಾಜಿ ಸದಸ್ಯ ರೋಹಿತ್ ಕುಮಾರ್ ಶೆಟ್ಟಿ ಹೇಳಿದರು. ಅವರು ಕುಂದಾಪುರ ಸುದ್ದಿಗೋಷ್ಠಿಯಲ್ಲಿ ಮಾತನಾಡಿ, 2018ರಲ್ಲಿ ನೀರಾವರಿ ಇಲಾಖೆ ಸಿದ್ದಾಪುರ ಏತ ನೀರಾವರಿ ಯೋಜನೆ ಅನುಷ್ಠಾನಕ್ಕೆ ಒಪ್ಪಿಗೆ ನೀಡಿದ್ದು, 2019ರಲ್ಲಿ ಡಿಪಿಆರ್ ತಯಾರಿಸಲಾಯಿತು. 2021ರಲ್ಲಿ 165 ಕೋಟಿ ರೂ. ಮಂಜೂರಾಗಿತ್ತು.
ಮಾಡಿ 2 ತಿಂಗಳಿನಿಂದ ಕಾಮಗಾರಿ ಪ್ರಾರಂಭಿಸಿದ್ದಾರೆ. ಪೈಪ್‌ಲೈನ್ ಕಾಮಗಾರಿಗಳ ಕುರಿತು ಸ್ಥಳೀಯರಿಗೆ ಮಾಹಿತಿ ಇಲ್ಲ. ಮೊದಲು ಯೋಜನೆ ಸಮೀಕ್ಷೆ ನಡೆದ ಪ್ರಕಾರ ಕಾಮಗಾರಿ ನಡೆಸಬೇಕು. ಸ್ಥಳೀಯ ಶಾಸಕರು, ಇಲಾಖೆಯ ಅಧಿಕಾರಿಗಳು ಈ ಕುರಿತು ತಕ್ಷಣ ಗಮನಹರಿಸಬೇಕು ಎಂದು ಆಗ್ರಹಿಸಿದರು. ಸುದ್ದಿಗೋಷ್ಠಿಯಲ್ಲಿ ರೈತ ಮುಖಂಡರಾದ ಕೃಷ್ಣ ನಾಯ್ಕ್, ಉದಯ ಶೆಟ್ಟಿ ಉಪಸ್ಥಿತರಿದ್ದರು.
ಮಾಡುವಾಗ ಮುಂದಿನ ಏತ ದಂಡೆ ಮತ್ತು ಬಲ ದಂಡೆ ಯೋಜನೆಗಳನ್ನು ಹಾಗೂ ಏತ ನೀರಾವರಿ ಯೋಜನೆಯ ಪೂರ್ಣ ವಿವರ ನೀಡಬೇಕು. ಯೋಜನೆಯ ಮೂಲ ಉದ್ದೇಶದಂತೆ ರೈತರಿಗೆ ನೀರು ದೊರಕಬೇಕು. ಇಲ್ಲದಿದ್ದರೆ ಗ್ರಾಮಸ್ಥರು ಹಾಗೂ ರೈತರು ಒಗ್ಗೂಡಿ ಹೋರಾಟ ನಡೆಸಲಿದ್ದಾರೆ ಎಂದು ಅವರು ಎಚ್ಚರಿಸಿದರು. ಸಿದ್ದಾಪುರ ಗ್ರಾ.ಪಂ. ಅಧ್ಯಕ್ಷ, ಕೃಷಿಕರು, ಪ್ರಮುಖರು ಉಪಸ್ಥಿತರಿದ್ದರು.
ವಾರಾಹಿ ಯೋಜನೆ ಮೂಲ ಉದ್ದೇಶಕ್ಕೆ ವ್ಯತಿರಿಕ್ತವಾಗಿ ಜಿಲ್ಲಾ ರೈತ ಸಂಘ ನಡೆ
ದ್ವಂದ್ವ ನಿಲುವುಗಳಿಂದ ಗೊಂದಲ: ಬಿಜೆಪಿ ಆರೋಪ
ಕುಂದಾಪುರ: ವಾರಾಹಿ ನೀರಾವರಿ ಯೋಜನೆಯ ಮೂಲ ಉದ್ದೇಶಕ್ಕೆ ವ್ಯತಿರಿಕ್ತವಾಗಿ ಜಿಲ್ಲಾ ರೈತ ಸಂಘದ ನಡೆಯಿದ್ದು, ದ್ವಂದ್ವ ನಿಲುವುಗಳಿಂದ ರೈತರಲ್ಲಿ ಗೊಂದಲ ಸೃಷ್ಟಿಸುತ್ತಿದೆ ಎಂದು ಬಿಜೆಪಿ ಕುಂದಾಪುರ ಮಂಡಲ ಅಧ್ಯಕ್ಷರು ಆರೋಪಿಸಿದರು. ಅವರು ಕುಂದಾಪುರದಲ್ಲಿ ಸುದ್ದಿಗೋಷ್ಠಿಯಲ್ಲಿ ಮಾತನಾಡಿ, ವಾರಾಹಿ ಯೋಜನೆಯ ಮೂಲ ಉದ್ದೇಶ ರೈತರ ಕೃಷಿ ಭೂಮಿಗೆ ನೀರು ಒದಗಿಸುವುದಾಗಿದ್ದು, ಕಾಲುವೆ ಕಾಮಗಾರಿ ಪೂರ್ಣಗೊಳಿಸದೆ ಇತರ ಯೋಜನೆಗಳಿಗೆ ನೀರು ನೀಡುವುದು ಸರಿಯಲ್ಲ ಎಂದರು.
ನೀರಾವರಿ ಯೋಜನೆ ಜಾರಿಯಾದರೆ ನದಿ ಪಾತ್ರದ ಗ್ರಾಮಗಳು, ಪಟ್ಟಣ ಪಂಚಾಯತ್ ಹಾಗೂ ಪುರಸಭೆಗಳಿಗೆ ಕುಡಿಯುವ ನೀರಿನ ಸಮಸ್ಯೆ ಉಂಟಾಗಲಿದೆ. ಈ ಕುರಿತು ಸರಕಾರ ತಕ್ಷಣ ಗಮನಹರಿಸಿ ರೈತರ ಹಿತರಕ್ಷಣೆ ಮಾಡಬೇಕು. ವಾರಾಹಿ ಕಾಲುವೆಗಳಿಂದ ನೀರು ಹರಿಸದೆ ಬೇರೆ ಯೋಜನೆಗೆ ಬಳಸಿದರೆ ಪ್ರತಿಭಟನೆ ನಡೆಸಲಾಗುವುದು ಎಂದರು.
ನೀರನ್ನು ನಂಬಿಕೊಂಡಿರುವ ಮತ್ತು ನದಿ ಪಾತ್ರದ ಕೃಷಿ ಬೆಳೆಗಳಿಗೆ ಹಿತವಲ್ಲ. ಮುಂದಿನ ದಿನಗಳಲ್ಲಿ ರೈತರ ಹಿತದೃಷ್ಟಿಯಿಂದ ಯೋಜನೆ ಅನುಷ್ಠಾನವಾಗಬೇಕು. ಸುದ್ದಿಗೋಷ್ಠಿಯಲ್ಲಿ ಪ್ರಮುಖರಾದ ರಾಜೇಶ್ ಶ್ರೀಯಾನ್, ರಮೇಶ್ ಮೊಗವೀರ, ಗಣೇಶ್ ಭಂಡಾರಿ, ನವೀನ್ ಶೆಟ್ಟಿ ಉಪಸ್ಥಿತರಿದ್ದರು.
